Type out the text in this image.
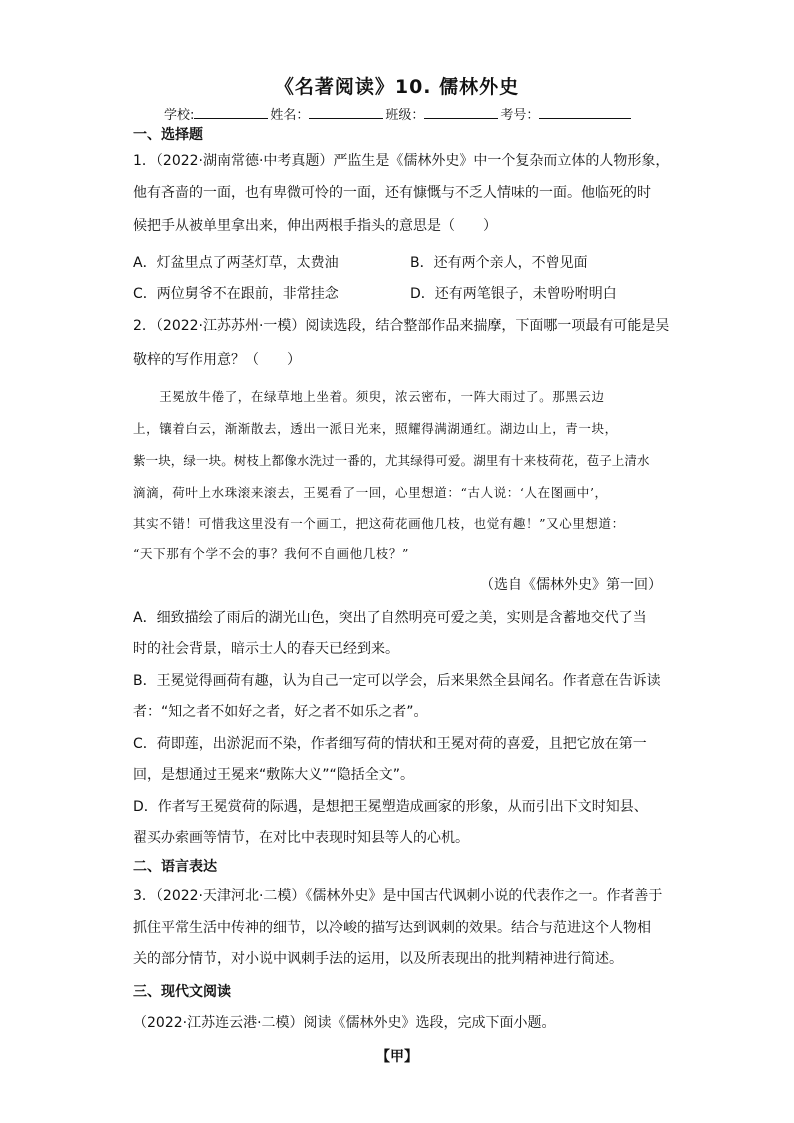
《名著阅读》10. 儒林外史
学校:	姓名：	班级：	考号：
一、选择题
1．（2022·湖南常德·中考真题）严监生是《儒林外史》中一个复杂而立体的人物形象，
他有吝啬的一面，也有卑微可怜的一面，还有慷慨与不乏人情味的一面。他临死的时
候把手从被单里拿出来，伸出两根手指头的意思是（　　）
A．灯盆里点了两茎灯草，太费油	B．还有两个亲人，不曾见面
C．两位舅爷不在跟前，非常挂念	D．还有两笔银子，未曾吩咐明白
2．（2022·江苏苏州·一模）阅读选段，结合整部作品来揣摩，下面哪一项最有可能是吴
敬梓的写作用意？（　　）
　　王冕放牛倦了，在绿草地上坐着。须臾，浓云密布，一阵大雨过了。那黑云边
上，镶着白云，渐渐散去，透出一派日光来，照耀得满湖通红。湖边山上，青一块，
紫一块，绿一块。树枝上都像水洗过一番的，尤其绿得可爱。湖里有十来枝荷花，苞子上清水
滴滴，荷叶上水珠滚来滚去，王冕看了一回，心里想道：“古人说：‘人在图画中’，
其实不错！可惜我这里没有一个画工，把这荷花画他几枝，也觉有趣！”又心里想道：
“天下那有个学不会的事？我何不自画他几枝？”
（选自《儒林外史》第一回）
A．细致描绘了雨后的湖光山色，突出了自然明亮可爱之美，实则是含蓄地交代了当
时的社会背景，暗示士人的春天已经到来。
B．王冕觉得画荷有趣，认为自己一定可以学会，后来果然全县闻名。作者意在告诉读
者：“知之者不如好之者，好之者不如乐之者”。
C．荷即莲，出淤泥而不染，作者细写荷的情状和王冕对荷的喜爱，且把它放在第一
回，是想通过王冕来“敷陈大义”“隐括全文”。
D．作者写王冕赏荷的际遇，是想把王冕塑造成画家的形象，从而引出下文时知县、
翟买办索画等情节，在对比中表现时知县等人的心机。
二、语言表达
3．（2022·天津河北·二模）《儒林外史》是中国古代讽刺小说的代表作之一。作者善于
抓住平常生活中传神的细节，以冷峻的描写达到讽刺的效果。结合与范进这个人物相
关的部分情节，对小说中讽刺手法的运用，以及所表现出的批判精神进行简述。
三、现代文阅读
（2022·江苏连云港·二模）阅读《儒林外史》选段，完成下面小题。
【甲】
